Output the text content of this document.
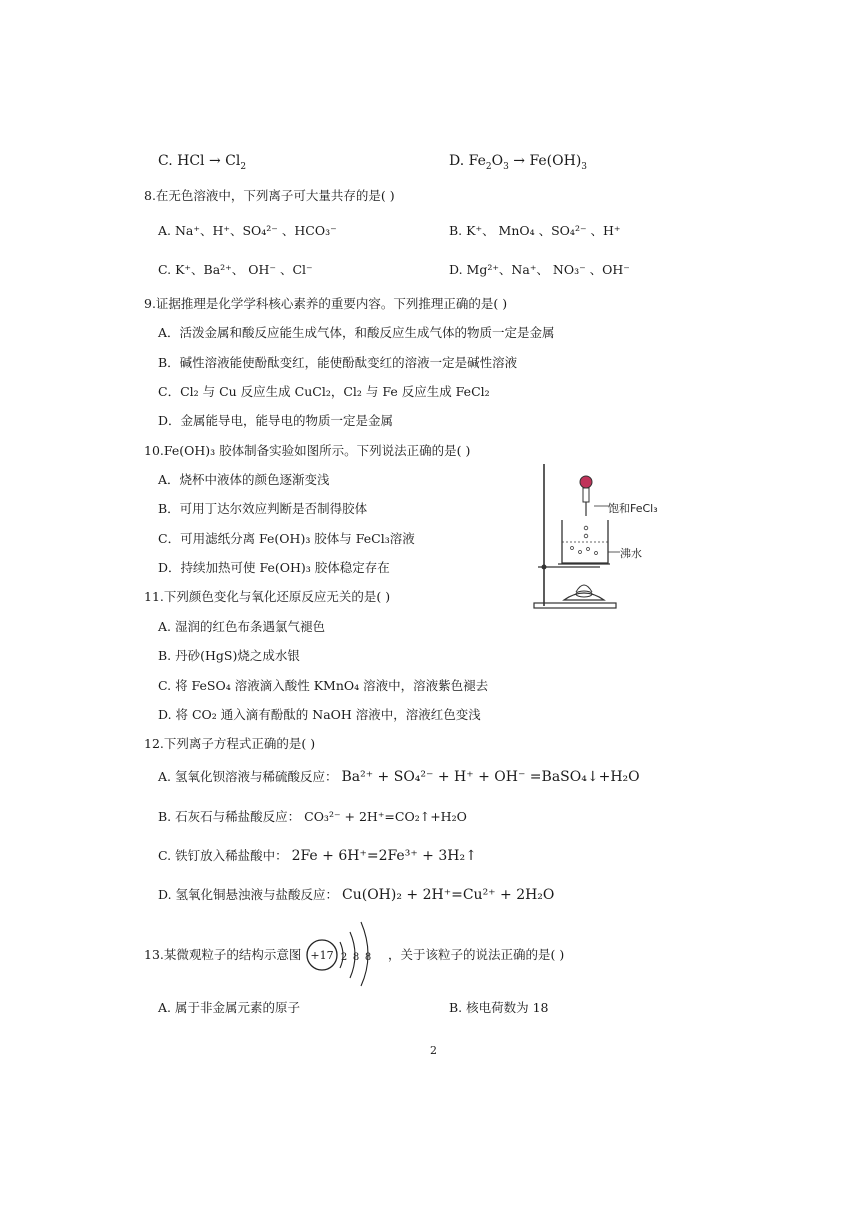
C. HCl → $Cl_2$	D. $Fe_2O_3 \to Fe(OH)_3$
8.在无色溶液中，下列离子可大量共存的是( )
A. Na⁺、H⁺、SO₄²⁻ 、HCO₃⁻	B. K⁺、 MnO₄ 、SO₄²⁻ 、H⁺
C. K⁺、Ba²⁺、 OH⁻ 、Cl⁻	D. Mg²⁺、Na⁺、 NO₃⁻ 、OH⁻
9.证据推理是化学学科核心素养的重要内容。下列推理正确的是( )
A．活泼金属和酸反应能生成气体，和酸反应生成气体的物质一定是金属
B．碱性溶液能使酚酞变红，能使酚酞变红的溶液一定是碱性溶液
C．Cl₂ 与 Cu 反应生成 CuCl₂，Cl₂ 与 Fe 反应生成 FeCl₂
D．金属能导电，能导电的物质一定是金属
10.Fe(OH)₃ 胶体制备实验如图所示。下列说法正确的是( )
A．烧杯中液体的颜色逐渐变浅
B．可用丁达尔效应判断是否制得胶体
C．可用滤纸分离 Fe(OH)₃ 胶体与 FeCl₃溶液
D．持续加热可使 Fe(OH)₃ 胶体稳定存在
饱和FeCl₃
沸水
11.下列颜色变化与氧化还原反应无关的是( )
A. 湿润的红色布条遇氯气褪色
B. 丹砂(HgS)烧之成水银
C. 将 FeSO₄ 溶液滴入酸性 KMnO₄ 溶液中，溶液紫色褪去
D. 将 CO₂ 通入滴有酚酞的 NaOH 溶液中，溶液红色变浅
12.下列离子方程式正确的是( )
A. 氢氧化钡溶液与稀硫酸反应： Ba²⁺ + SO₄²⁻ + H⁺ + OH⁻ =BaSO₄↓+H₂O
B. 石灰石与稀盐酸反应： CO₃²⁻ + 2H⁺=CO₂↑+H₂O
C. 铁钉放入稀盐酸中： 2Fe + 6H⁺=2Fe³⁺ + 3H₂↑
D. 氢氧化铜悬浊液与盐酸反应： Cu(OH)₂ + 2H⁺=Cu²⁺ + 2H₂O
13.某微观粒子的结构示意图 +17 2 8 8 ，关于该粒子的说法正确的是( )
A. 属于非金属元素的原子	B. 核电荷数为 18
2
